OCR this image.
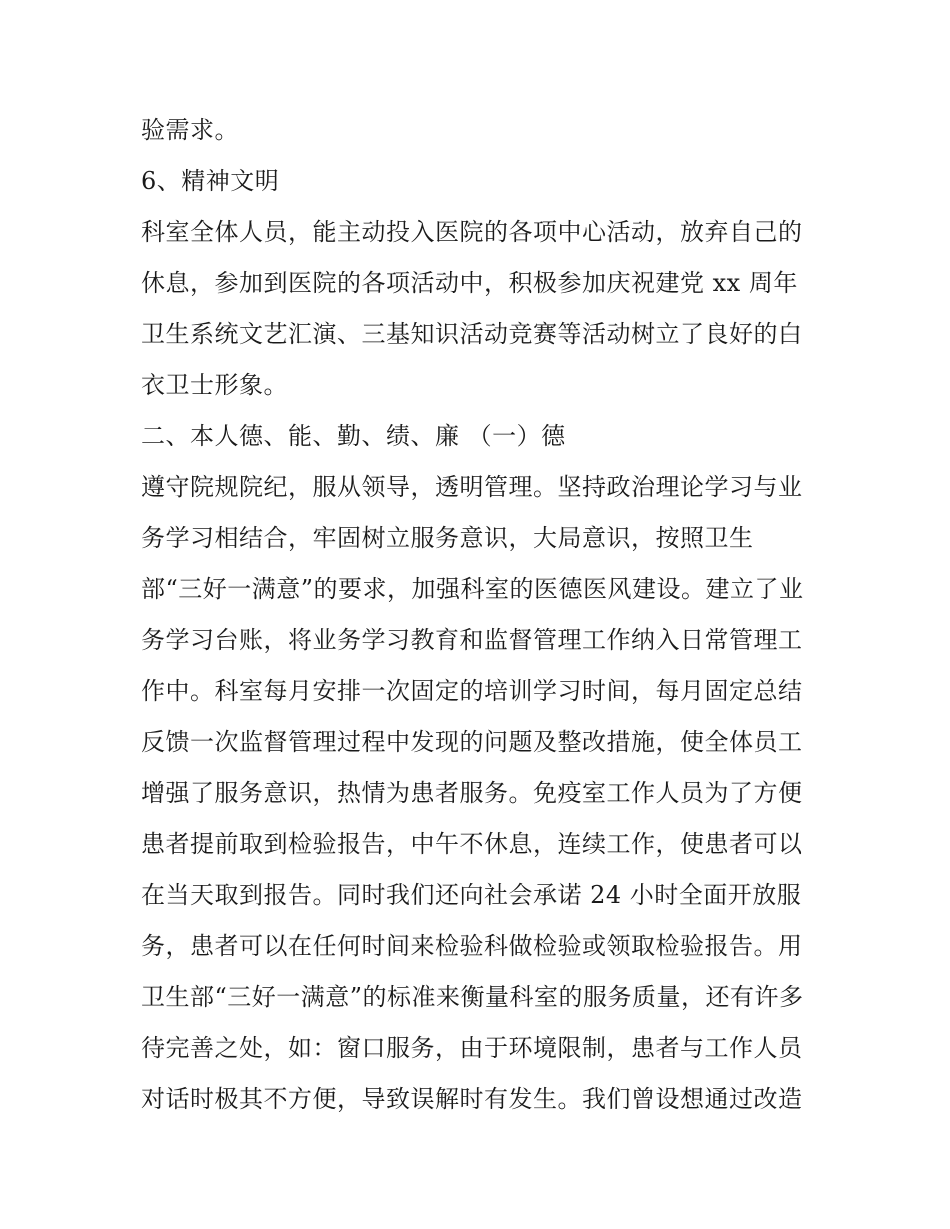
验需求。

6、精神文明

科室全体人员，能主动投入医院的各项中心活动，放弃自己的

休息，参加到医院的各项活动中，积极参加庆祝建党 xx 周年

卫生系统文艺汇演、三基知识活动竞赛等活动树立了良好的白

衣卫士形象。

二、本人德、能、勤、绩、廉 （一）德

遵守院规院纪，服从领导，透明管理。坚持政治理论学习与业

务学习相结合，牢固树立服务意识，大局意识，按照卫生

部“三好一满意”的要求，加强科室的医德医风建设。建立了业

务学习台账，将业务学习教育和监督管理工作纳入日常管理工

作中。科室每月安排一次固定的培训学习时间，每月固定总结

反馈一次监督管理过程中发现的问题及整改措施，使全体员工

增强了服务意识，热情为患者服务。免疫室工作人员为了方便

患者提前取到检验报告，中午不休息，连续工作，使患者可以

在当天取到报告。同时我们还向社会承诺 24 小时全面开放服

务，患者可以在任何时间来检验科做检验或领取检验报告。用

卫生部“三好一满意”的标准来衡量科室的服务质量，还有许多

待完善之处，如：窗口服务，由于环境限制，患者与工作人员

对话时极其不方便，导致误解时有发生。我们曾设想通过改造
